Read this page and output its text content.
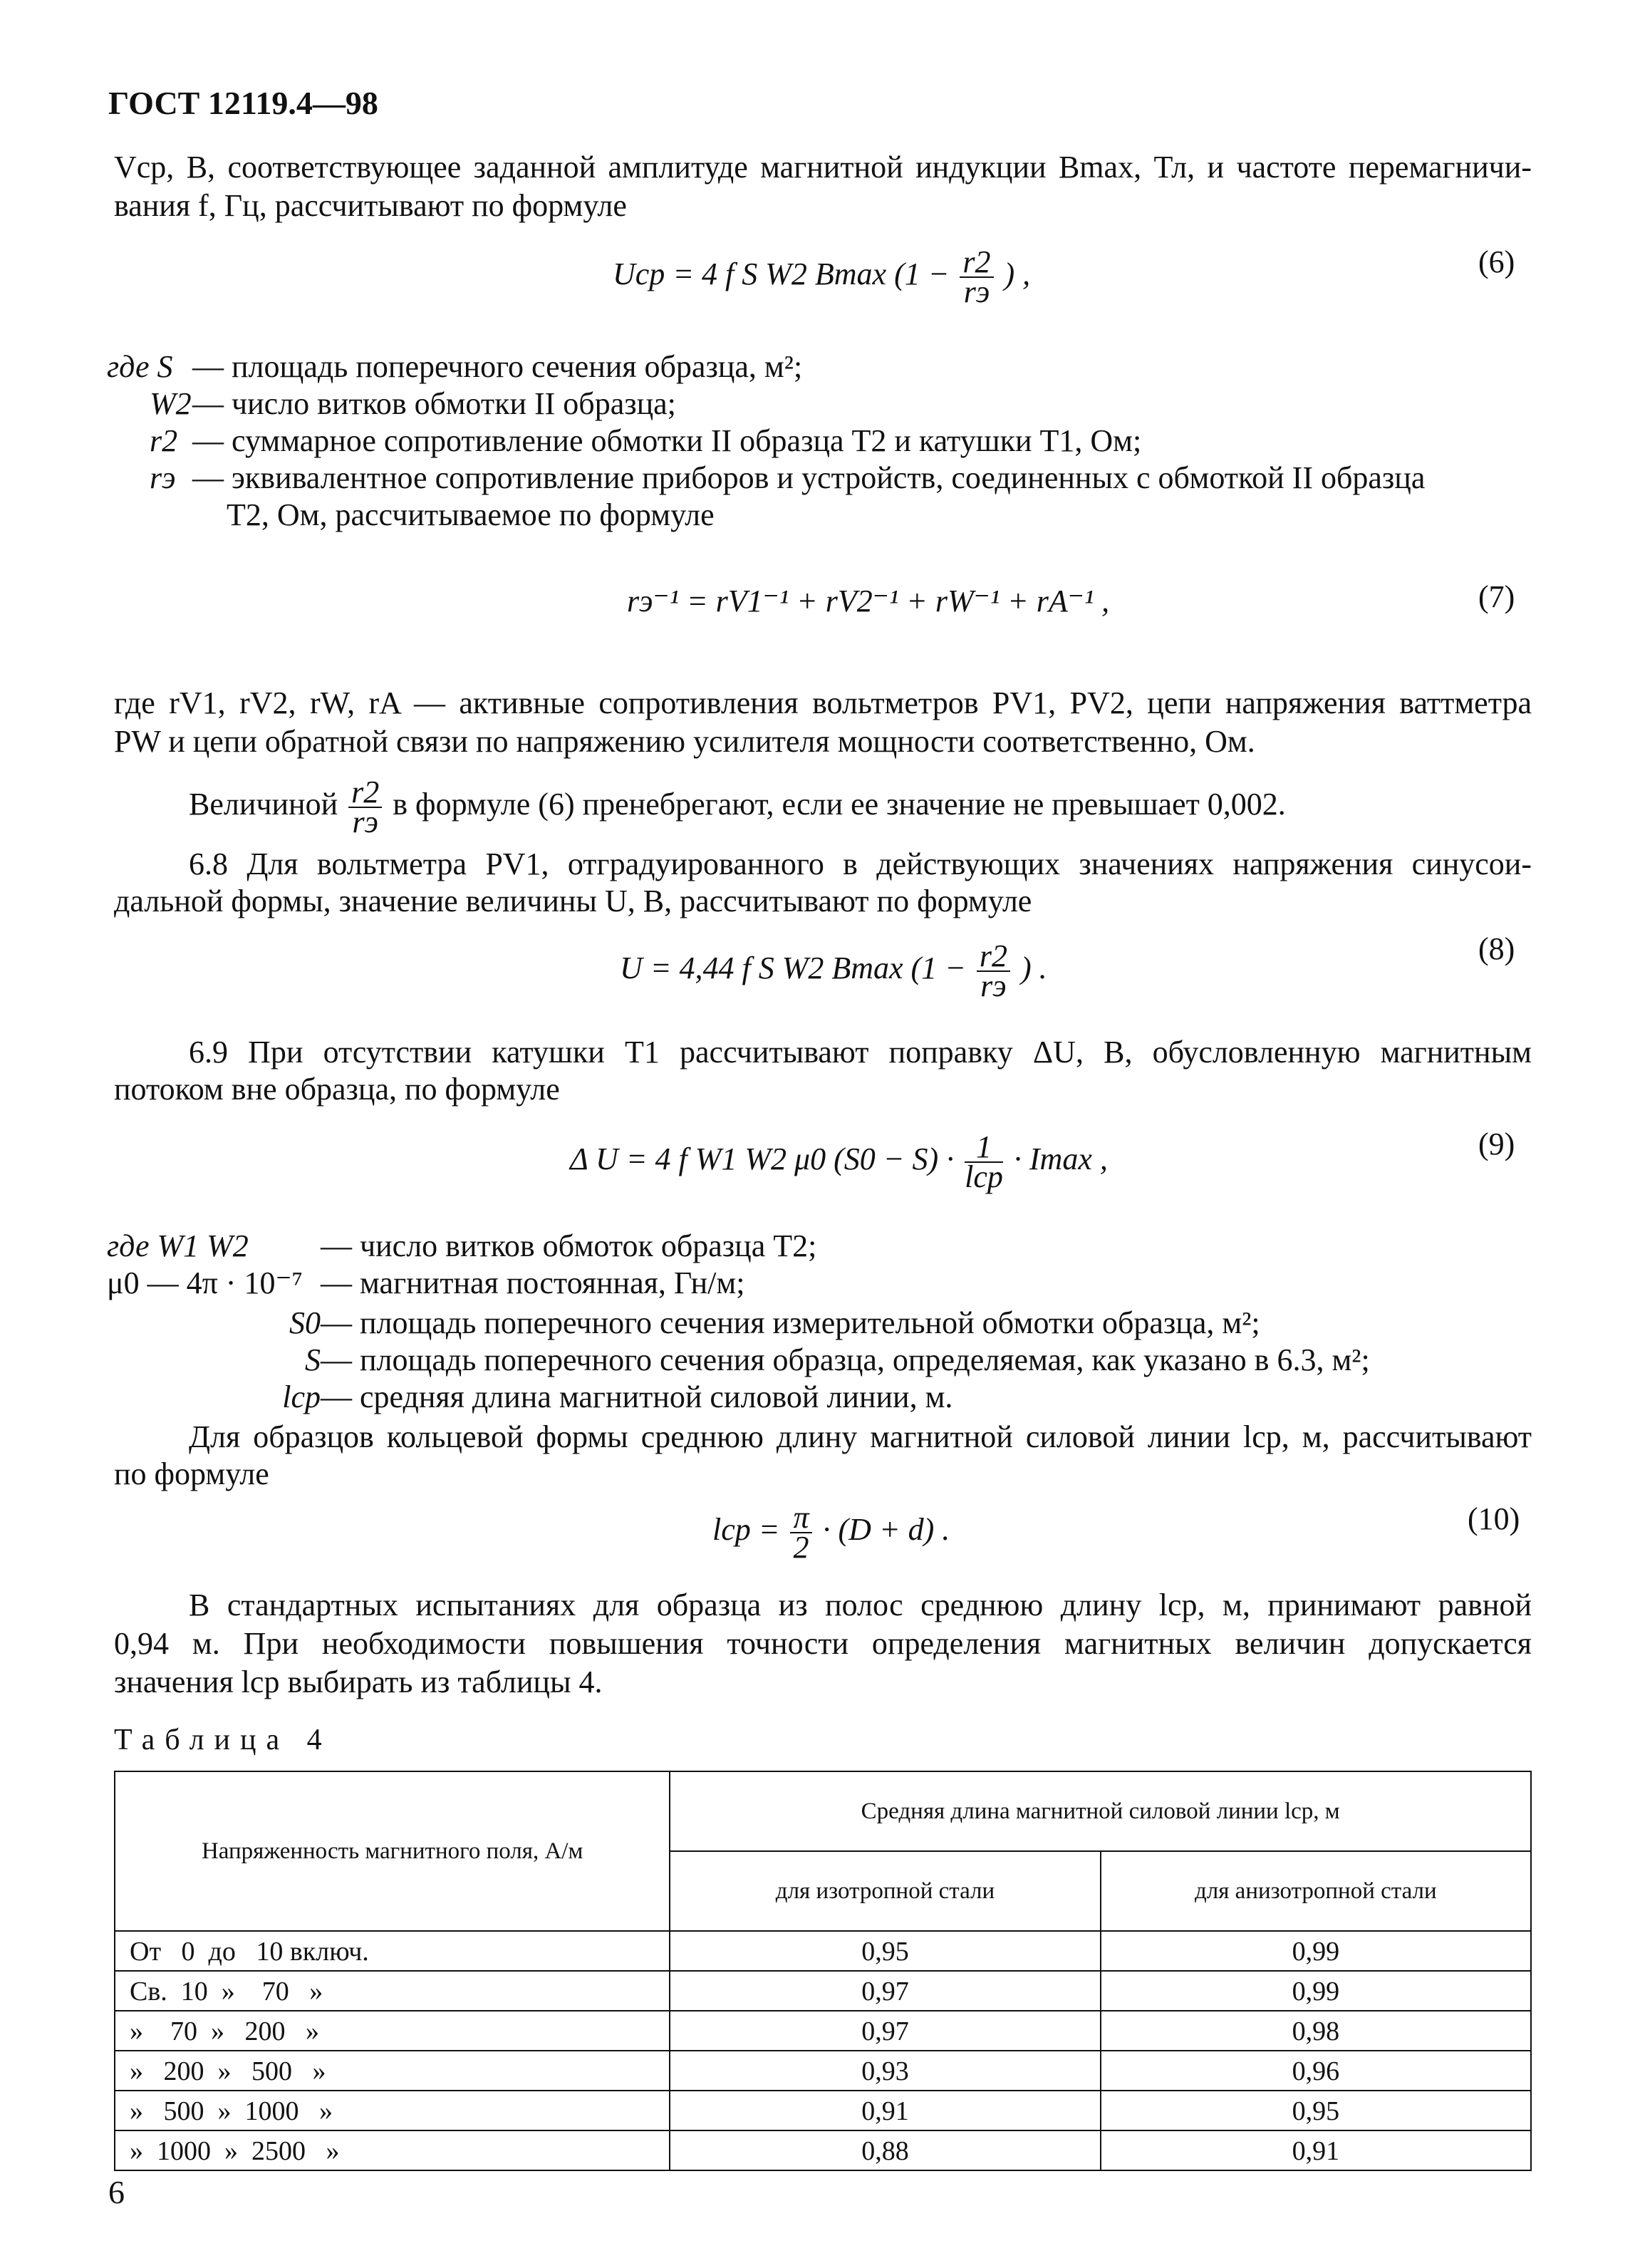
ГОСТ 12119.4—98
Vср, В, соответствующее заданной амплитуде магнитной индукции Bmax, Тл, и частоте перемагничи-
вания f, Гц, рассчитывают по формуле
Uср = 4 f S W2 Bmax ($1 - \frac{r2}{rэ}$ ) ,	(6)
где S — площадь поперечного сечения образца, м²;
W2— число витков обмотки II образца;
r2 — суммарное сопротивление обмотки II образца T2 и катушки T1, Ом;
rэ — эквивалентное сопротивление приборов и устройств, соединенных с обмоткой II образца
Т2, Ом, рассчитываемое по формуле
rэ⁻¹ = rV1⁻¹ + rV2⁻¹ + rW⁻¹ + rA⁻¹ ,	(7)
где rV1, rV2, rW, rA — активные сопротивления вольтметров PV1, PV2, цепи напряжения ваттметра
PW и цепи обратной связи по напряжению усилителя мощности соответственно, Ом.
Величиной $\frac{r2}{rэ}$ в формуле (6) пренебрегают, если ее значение не превышает 0,002.
6.8 Для вольтметра PV1, отградуированного в действующих значениях напряжения синусои-
дальной формы, значение величины U, B, рассчитывают по формуле
U = 4,44 f S W2 Bmax ($1 - \frac{r2}{rэ}$ ) .
(8)
6.9 При отсутствии катушки T1 рассчитывают поправку ΔU, В, обусловленную магнитным
потоком вне образца, по формуле
Δ U = 4 f W1 W2 μ0 $(S0 - S) \cdot \frac{1}{\text{lср}} \cdot Imax$ ,	(9)
где W1 W2 — число витков обмоток образца T2;
μ0 — 4π · 10⁻⁷ — магнитная постоянная, Гн/м;
S0— площадь поперечного сечения измерительной обмотки образца, м²;
S— площадь поперечного сечения образца, определяемая, как указано в 6.3, м²;
lср— средняя длина магнитной силовой линии, м.
Для образцов кольцевой формы среднюю длину магнитной силовой линии lср, м, рассчитывают
по формуле
lср = $\frac{\pi}{2} \cdot (D + d)$ .	(10)
В стандартных испытаниях для образца из полос среднюю длину lср, м, принимают равной
0,94 м. При необходимости повышения точности определения магнитных величин допускается
значения lср выбирать из таблицы 4.
Таблица 4
Напряженность магнитного поля, А/м	Средняя длина магнитной силовой линии lср, м	
	для изотропной стали	для анизотропной стали
От   0  до   10 включ.	0,95	0,99
Св.  10  »    70   »	0,97	0,99
»    70  »   200   »	0,97	0,98
»   200  »   500   »	0,93	0,96
»   500  »  1000   »	0,91	0,95
»  1000  »  2500   »	0,88	0,91
6
